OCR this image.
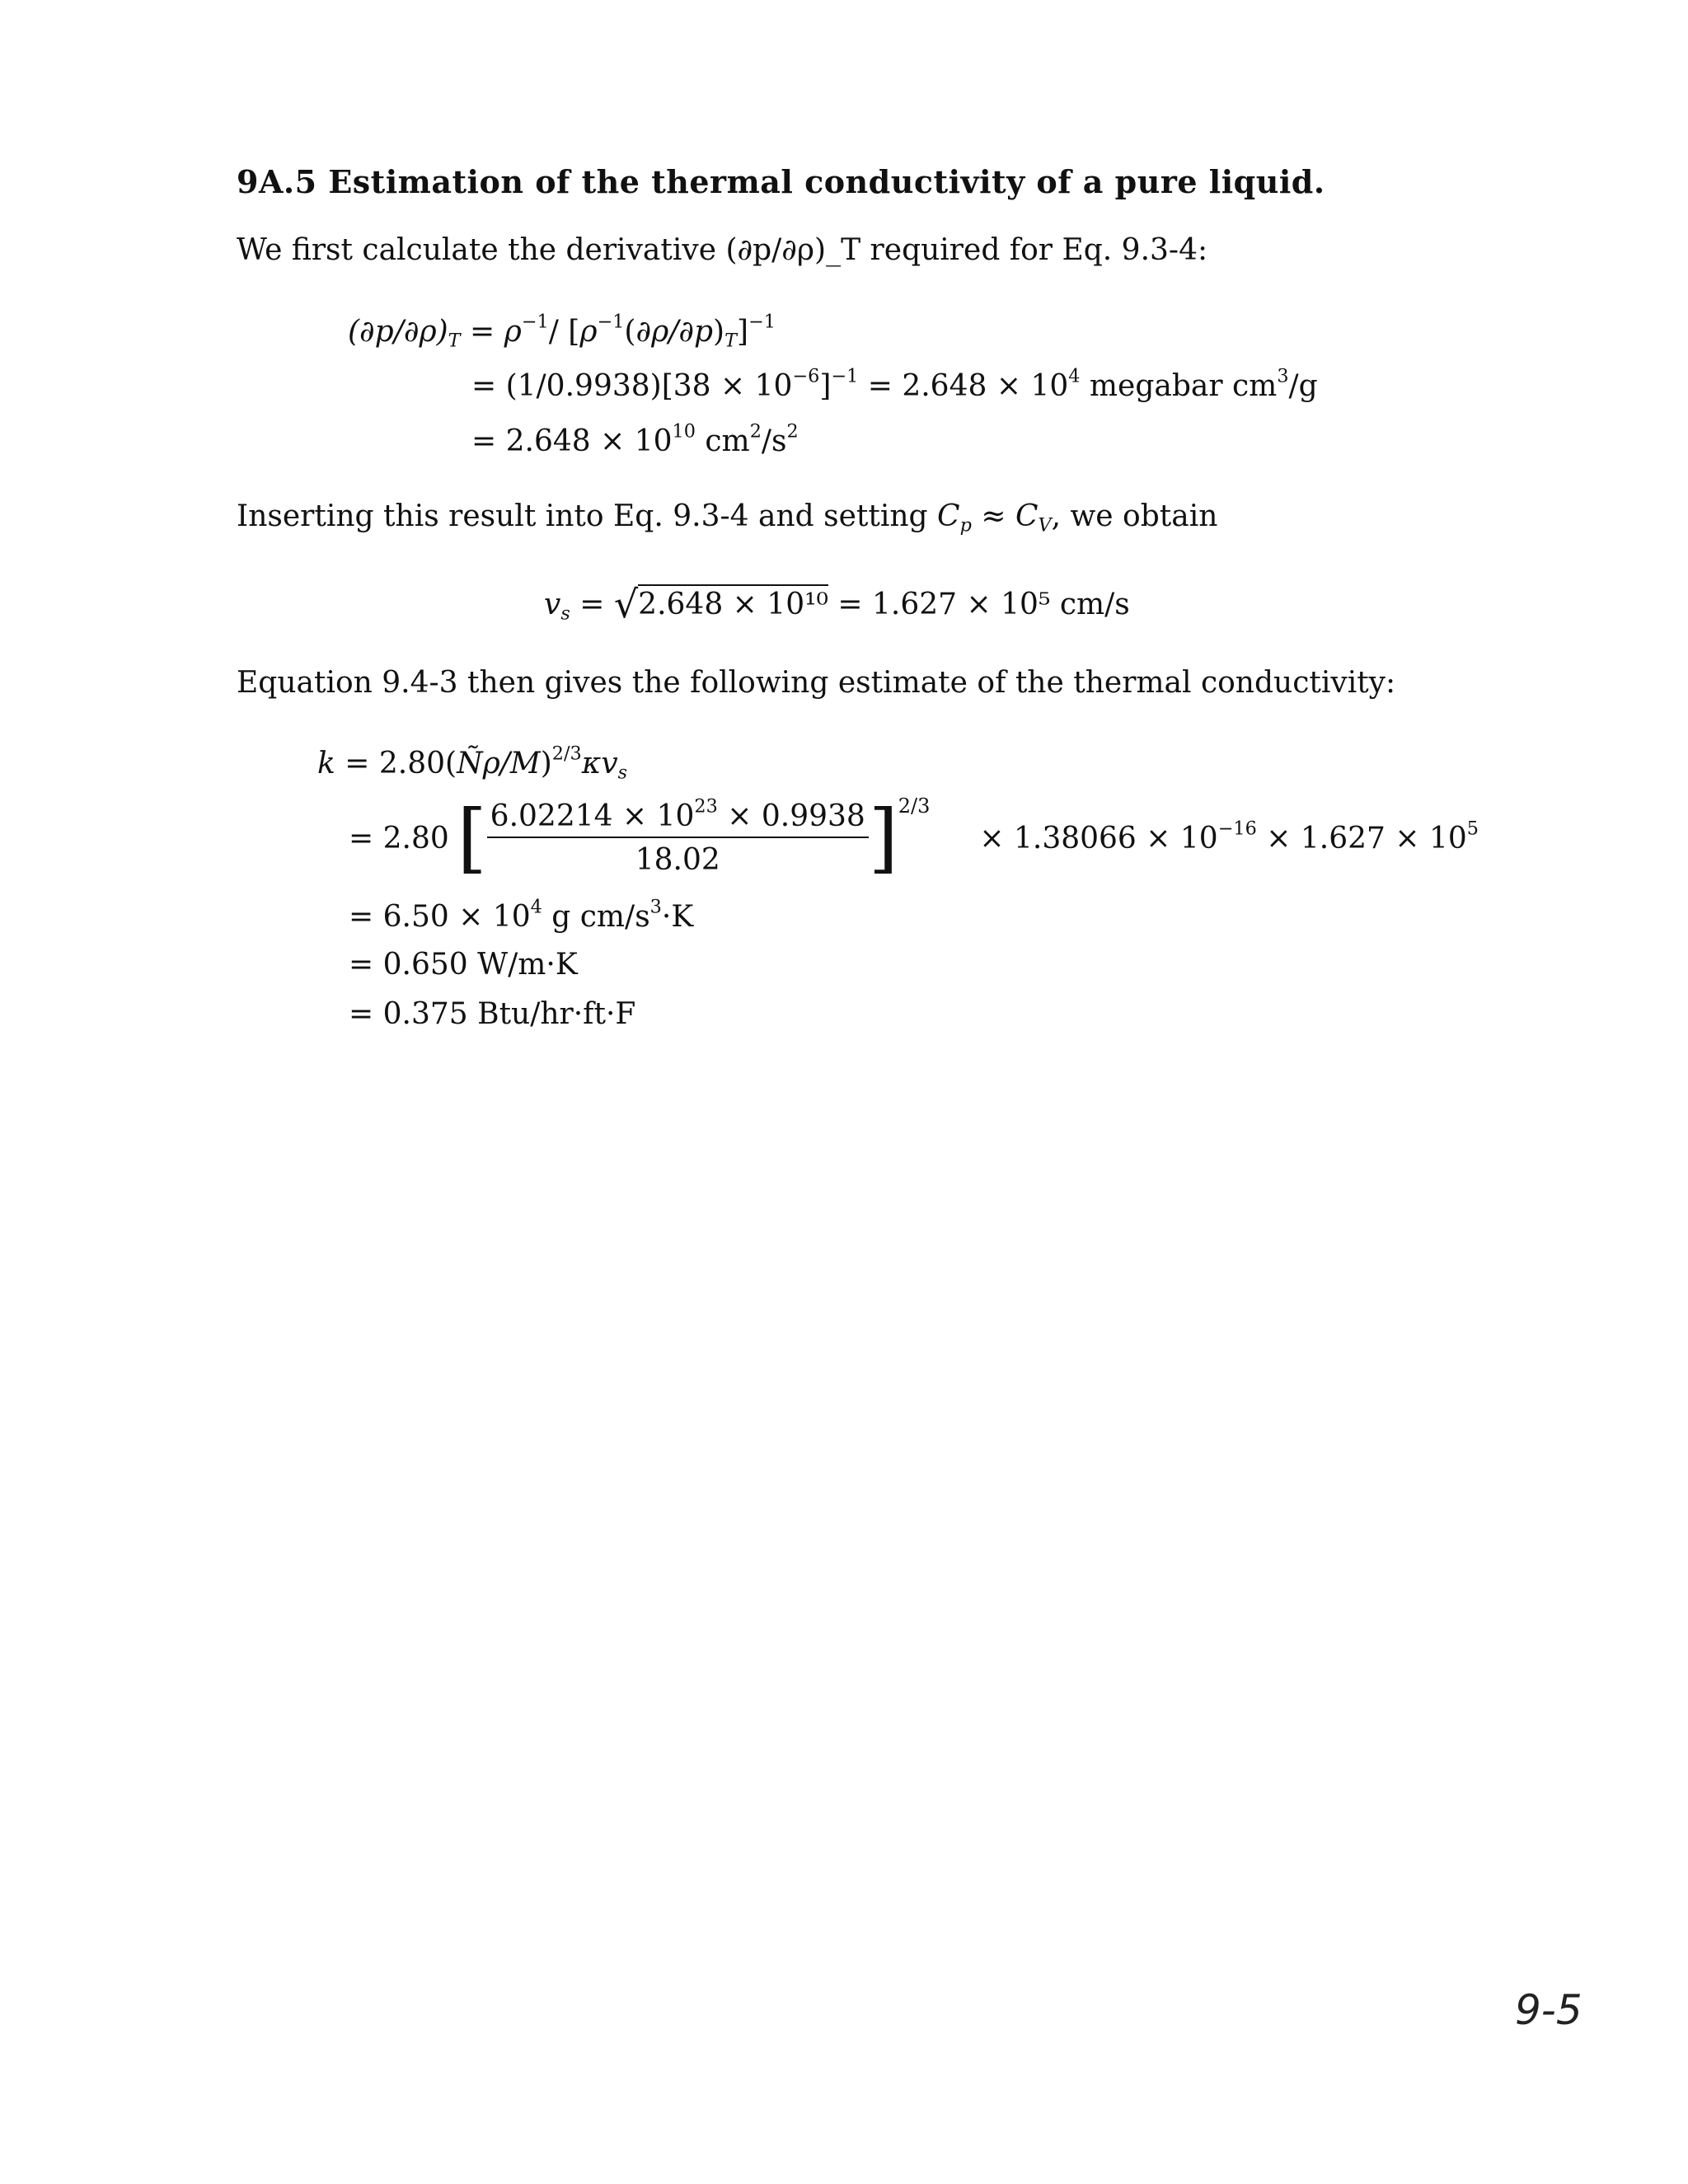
9A.5 Estimation of the thermal conductivity of a pure liquid.
We first calculate the derivative (∂p/∂ρ)_T required for Eq. 9.3-4:
$(\partial p/\partial\rho)_T = \rho^{-1}/$ $[\rho^{-1}(\partial\rho/\partial p)_T]^{-1}$
= $(1/0.9938)[38 \times 10^{-6}]^{-1} = 2.648 \times 10^4$ megabar $cm^3/g$
= $2.648 \times 10^{10}$ $cm^2/s^2$
Inserting this result into Eq. 9.3-4 and setting $C_p \approx C_V$, we obtain
$v_s = √2.648 \times 10^{10} = 1.627 \times 10^5$ cm/s
Equation 9.4-3 then gives the following estimate of the thermal conductivity:
$k = 2.80(Ñ\rho/M)^{2/3}\kappa v_s$
= 2.80 [ $\frac{6.02214 \times 10^{23} \times 0.9938}{18.02}$ ] 2/3
× $1.38066 \times 10^{-16} \times 1.627 \times 10^5$
= $6.50 \times 10^4$ g $cm/s^3\cdot K$
= 0.650 W/m·K
= 0.375 Btu/hr·ft·F
9-5
